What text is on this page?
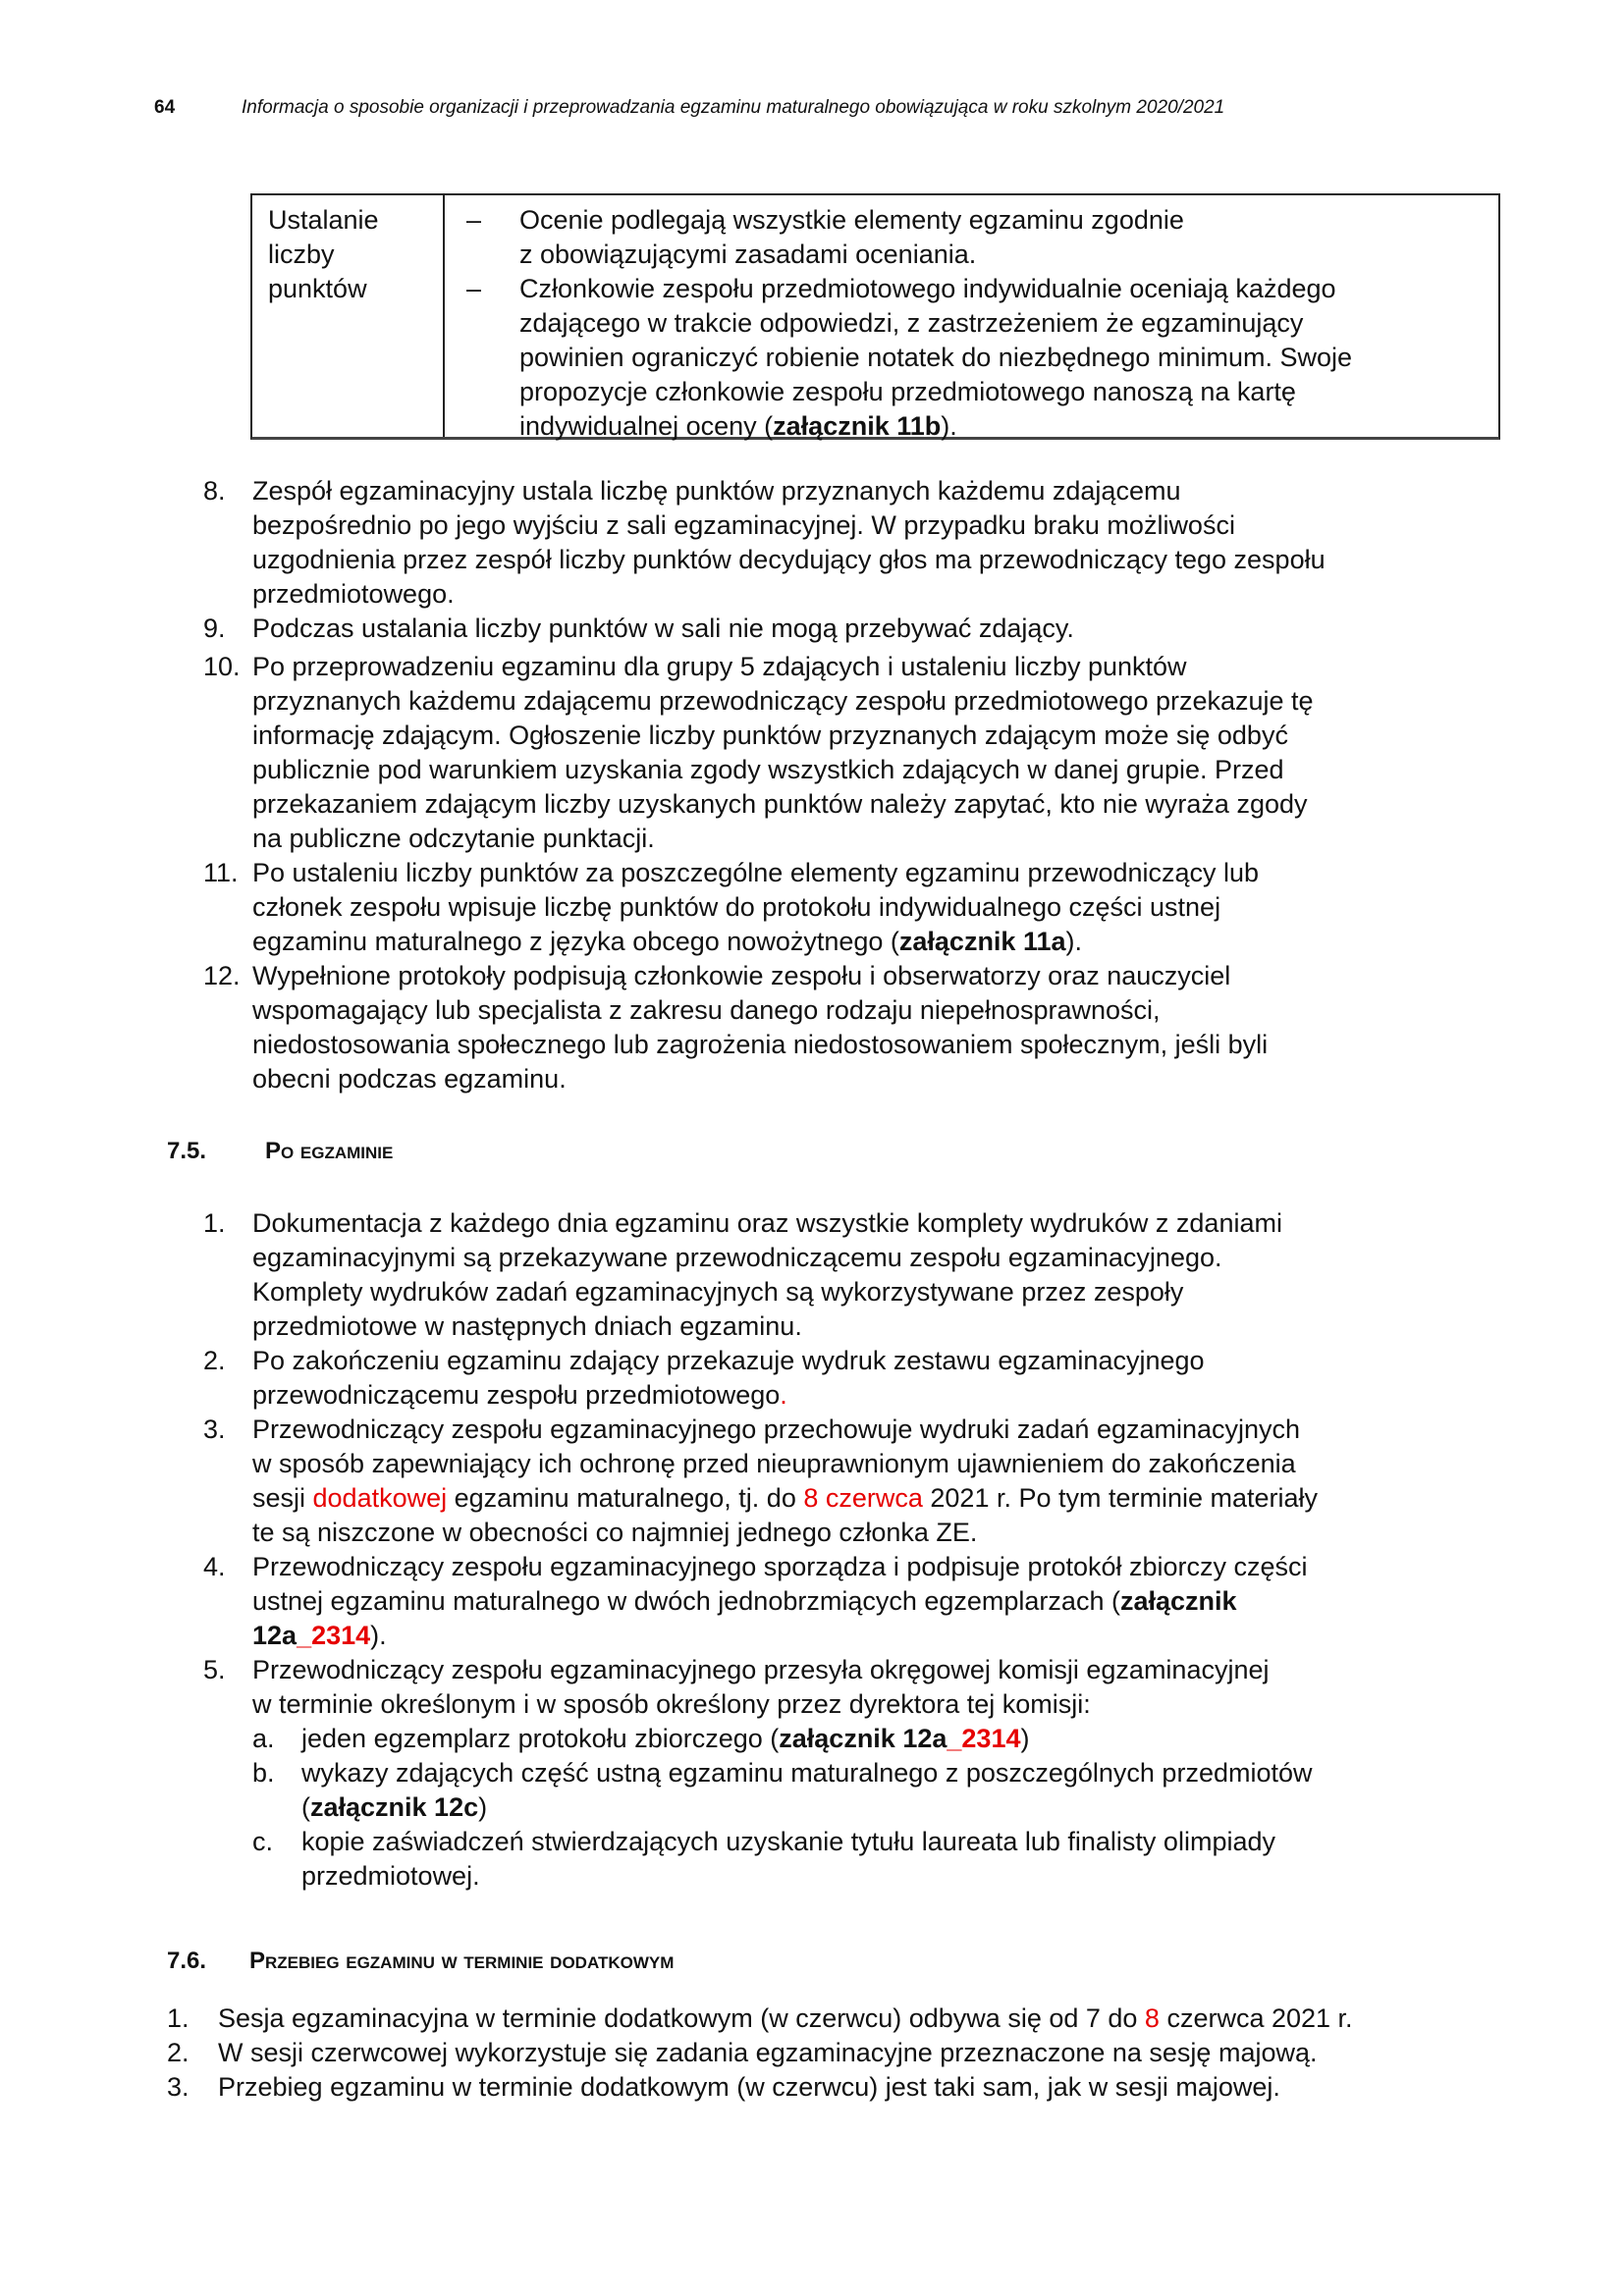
64	Informacja o sposobie organizacji i przeprowadzania egzaminu maturalnego obowiązująca w roku szkolnym 2020/2021
Ustalanie
liczby
punktów
– Ocenie podlegają wszystkie elementy egzaminu zgodnie
z obowiązującymi zasadami oceniania.
– Członkowie zespołu przedmiotowego indywidualnie oceniają każdego
zdającego w trakcie odpowiedzi, z zastrzeżeniem że egzaminujący
powinien ograniczyć robienie notatek do niezbędnego minimum. Swoje
propozycje członkowie zespołu przedmiotowego nanoszą na kartę
indywidualnej oceny (załącznik 11b).
8. Zespół egzaminacyjny ustala liczbę punktów przyznanych każdemu zdającemu
bezpośrednio po jego wyjściu z sali egzaminacyjnej. W przypadku braku możliwości
uzgodnienia przez zespół liczby punktów decydujący głos ma przewodniczący tego zespołu
przedmiotowego.
9. Podczas ustalania liczby punktów w sali nie mogą przebywać zdający.
10. Po przeprowadzeniu egzaminu dla grupy 5 zdających i ustaleniu liczby punktów
przyznanych każdemu zdającemu przewodniczący zespołu przedmiotowego przekazuje tę
informację zdającym. Ogłoszenie liczby punktów przyznanych zdającym może się odbyć
publicznie pod warunkiem uzyskania zgody wszystkich zdających w danej grupie. Przed
przekazaniem zdającym liczby uzyskanych punktów należy zapytać, kto nie wyraża zgody
na publiczne odczytanie punktacji.
11. Po ustaleniu liczby punktów za poszczególne elementy egzaminu przewodniczący lub
członek zespołu wpisuje liczbę punktów do protokołu indywidualnego części ustnej
egzaminu maturalnego z języka obcego nowożytnego (załącznik 11a).
12. Wypełnione protokoły podpisują członkowie zespołu i obserwatorzy oraz nauczyciel
wspomagający lub specjalista z zakresu danego rodzaju niepełnosprawności,
niedostosowania społecznego lub zagrożenia niedostosowaniem społecznym, jeśli byli
obecni podczas egzaminu.
7.5. Po egzaminie
1. Dokumentacja z każdego dnia egzaminu oraz wszystkie komplety wydruków z zdaniami
egzaminacyjnymi są przekazywane przewodniczącemu zespołu egzaminacyjnego.
Komplety wydruków zadań egzaminacyjnych są wykorzystywane przez zespoły
przedmiotowe w następnych dniach egzaminu.
2. Po zakończeniu egzaminu zdający przekazuje wydruk zestawu egzaminacyjnego
przewodniczącemu zespołu przedmiotowego.
3. Przewodniczący zespołu egzaminacyjnego przechowuje wydruki zadań egzaminacyjnych
w sposób zapewniający ich ochronę przed nieuprawnionym ujawnieniem do zakończenia
sesji dodatkowej egzaminu maturalnego, tj. do 8 czerwca 2021 r. Po tym terminie materiały
te są niszczone w obecności co najmniej jednego członka ZE.
4. Przewodniczący zespołu egzaminacyjnego sporządza i podpisuje protokół zbiorczy części
ustnej egzaminu maturalnego w dwóch jednobrzmiących egzemplarzach (załącznik
12a_2314).
5. Przewodniczący zespołu egzaminacyjnego przesyła okręgowej komisji egzaminacyjnej
w terminie określonym i w sposób określony przez dyrektora tej komisji:
a. jeden egzemplarz protokołu zbiorczego (załącznik 12a_2314)
b. wykazy zdających część ustną egzaminu maturalnego z poszczególnych przedmiotów
(załącznik 12c)
c. kopie zaświadczeń stwierdzających uzyskanie tytułu laureata lub finalisty olimpiady
przedmiotowej.
7.6. Przebieg egzaminu w terminie dodatkowym
1. Sesja egzaminacyjna w terminie dodatkowym (w czerwcu) odbywa się od 7 do 8 czerwca 2021 r.
2. W sesji czerwcowej wykorzystuje się zadania egzaminacyjne przeznaczone na sesję majową.
3. Przebieg egzaminu w terminie dodatkowym (w czerwcu) jest taki sam, jak w sesji majowej.
